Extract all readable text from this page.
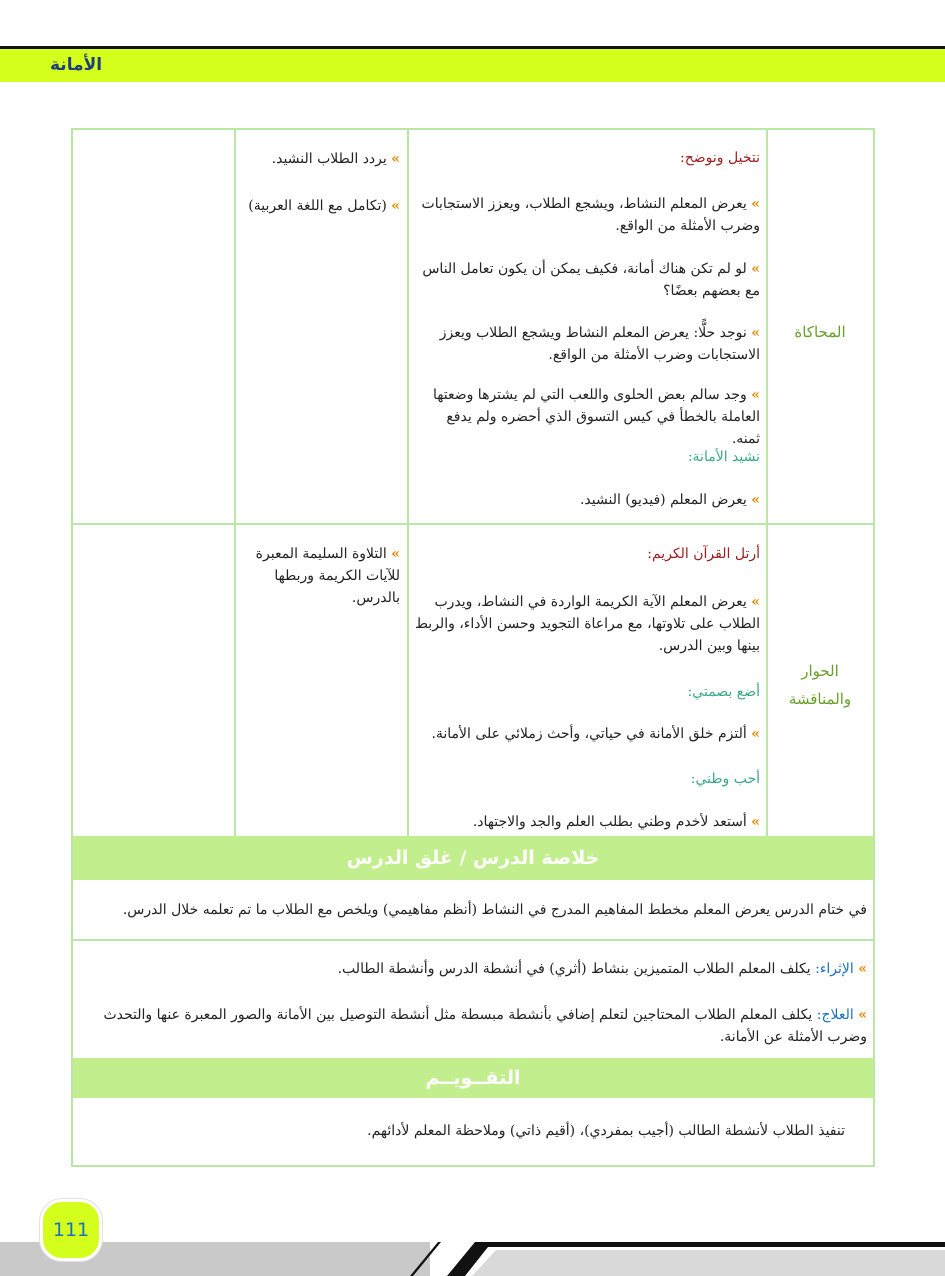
الأمانة
المحاكاة
نتخيل ونوضح:
» يعرض المعلم النشاط، ويشجع الطلاب، ويعزز الاستجابات وضرب الأمثلة من الواقع.
» لو لم تكن هناك أمانة، فكيف يمكن أن يكون تعامل الناس مع بعضهم بعضًا؟
» نوجد حلًّا: يعرض المعلم النشاط ويشجع الطلاب ويعزز الاستجابات وضرب الأمثلة من الواقع.
» وجد سالم بعض الحلوى واللعب التي لم يشترها وضعتها العاملة بالخطأ في كيس التسوق الذي أحضره ولم يدفع ثمنه.
نشيد الأمانة:
» يعرض المعلم (فيديو) النشيد.
» يردد الطلاب النشيد.
» (تكامل مع اللغة العربية)
الحوار
والمناقشة
أرتل القرآن الكريم:
» يعرض المعلم الآية الكريمة الواردة في النشاط، ويدرب الطلاب على تلاوتها، مع مراعاة التجويد وحسن الأداء، والربط بينها وبين الدرس.
أضع بصمتي:
» ألتزم خلق الأمانة في حياتي، وأحث زملائي على الأمانة.
أحب وطني:
» أستعد لأخدم وطني بطلب العلم والجد والاجتهاد.
» التلاوة السليمة المعبرة للآيات الكريمة وربطها بالدرس.
خلاصة الدرس / غلق الدرس
في ختام الدرس يعرض المعلم مخطط المفاهيم المدرج في النشاط (أنظم مفاهيمي) ويلخص مع الطلاب ما تم تعلمه خلال الدرس.
» الإثراء: يكلف المعلم الطلاب المتميزين بنشاط (أثري) في أنشطة الدرس وأنشطة الطالب.
» العلاج: يكلف المعلم الطلاب المحتاجين لتعلم إضافي بأنشطة مبسطة مثل أنشطة التوصيل بين الأمانة والصور المعبرة عنها والتحدث وضرب الأمثلة عن الأمانة.
التقــويــم
تنفيذ الطلاب لأنشطة الطالب (أجيب بمفردي)، (أقيم ذاتي) وملاحظة المعلم لأدائهم.
111
